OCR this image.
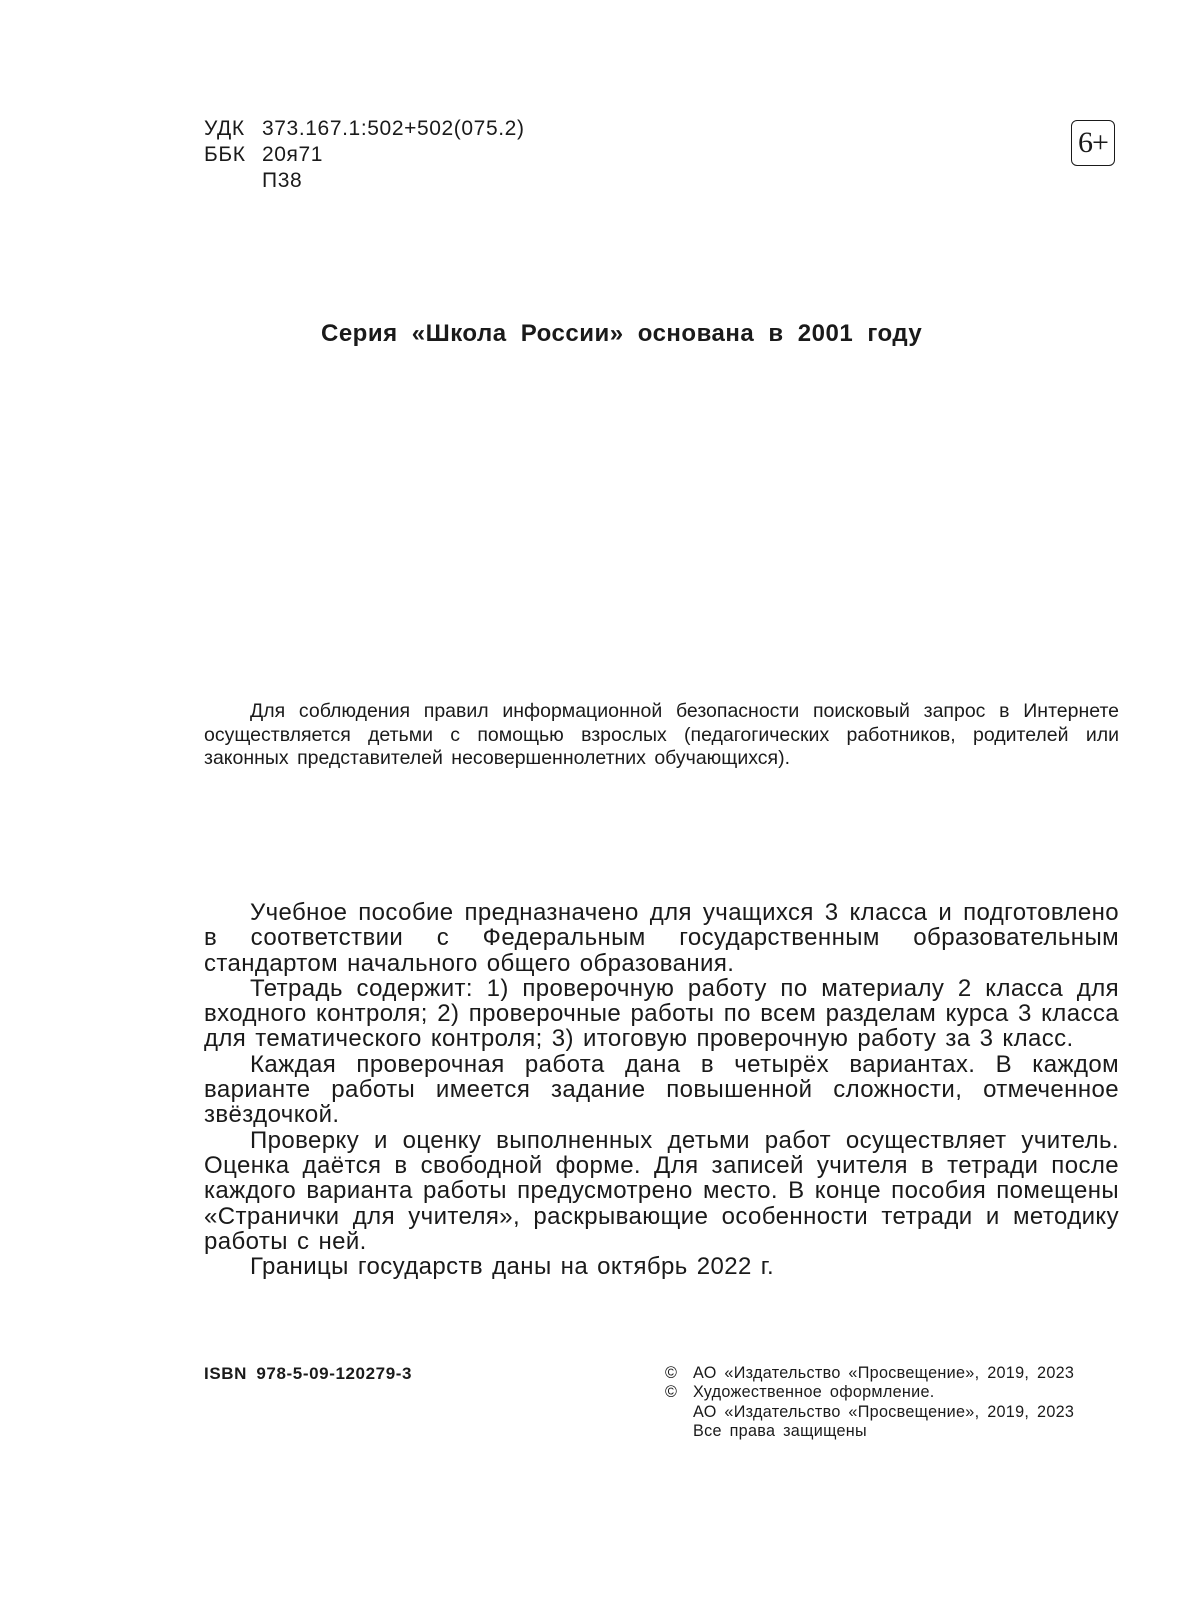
УДК 373.167.1:502+502(075.2)
ББК 20я71
П38
6+
Серия «Школа России» основана в 2001 году

Для соблюдения правил информационной безопасности поисковый запрос в Интернете осуществляется детьми с помощью взрослых (педагогических работников, родителей или законных представителей несовершеннолетних обучающихся).

Учебное пособие предназначено для учащихся 3 класса и подготовлено в соответствии с Федеральным государственным образовательным стандартом начального общего образования.

Тетрадь содержит: 1) проверочную работу по материалу 2 класса для входного контроля; 2) проверочные работы по всем разделам курса 3 класса для тематического контроля; 3) итоговую проверочную работу за 3 класс.

Каждая проверочная работа дана в четырёх вариантах. В каждом варианте работы имеется задание повышенной сложности, отмеченное звёздочкой.

Проверку и оценку выполненных детьми работ осуществляет учитель. Оценка даётся в свободной форме. Для записей учителя в тетради после каждого варианта работы предусмотрено место. В конце пособия помещены «Странички для учителя», раскрывающие особенности тетради и методику работы с ней.

Границы государств даны на октябрь 2022 г.

ISBN 978-5-09-120279-3	© АО «Издательство «Просвещение», 2019, 2023
© Художественное оформление.
АО «Издательство «Просвещение», 2019, 2023
Все права защищены
